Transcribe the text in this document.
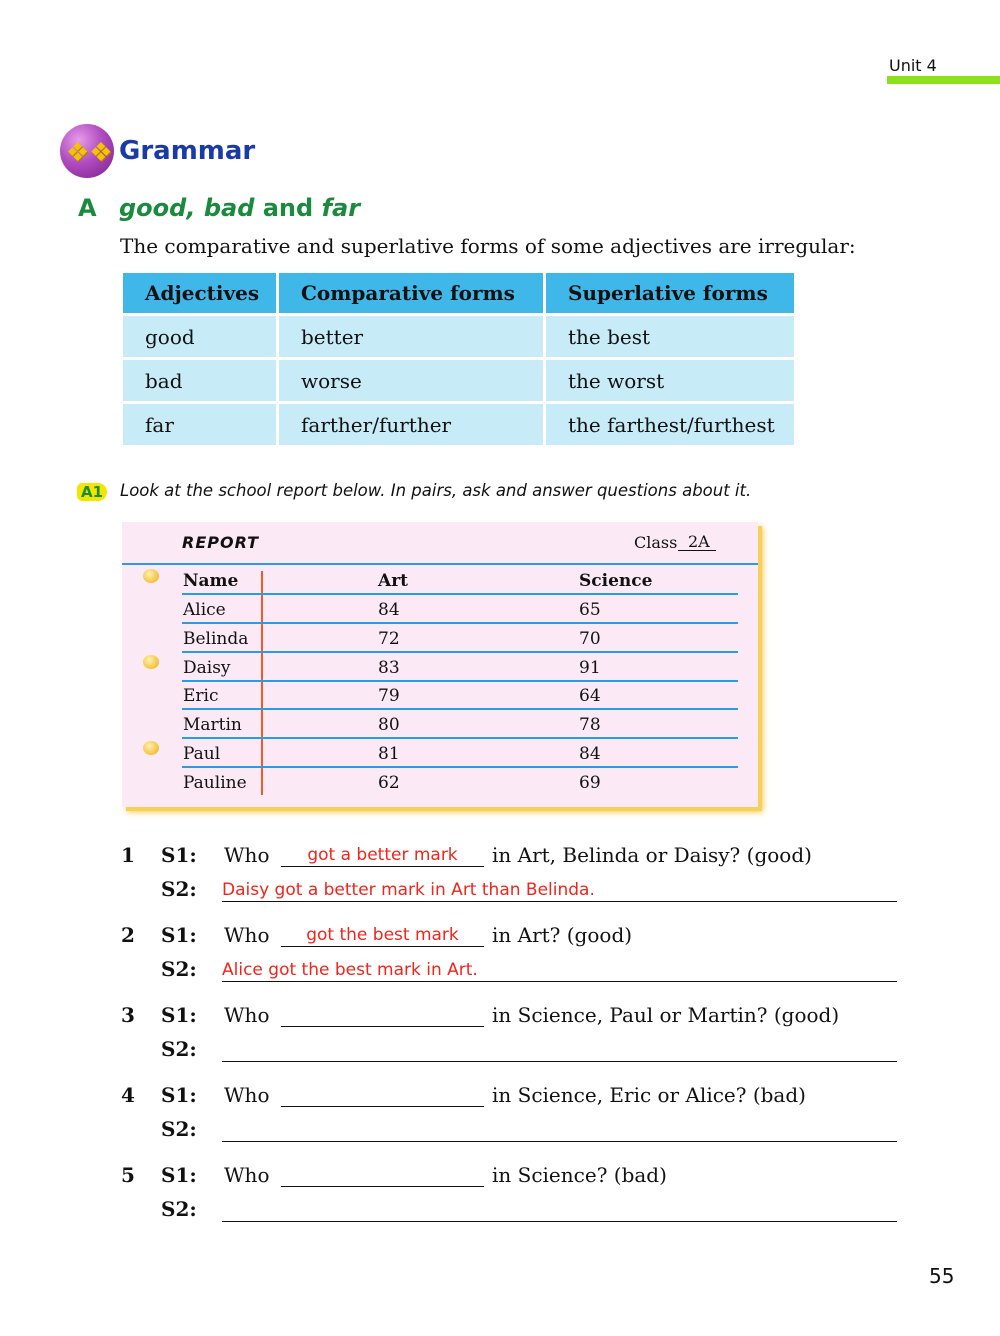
Unit 4
❖❖ Grammar
A good, bad and far
The comparative and superlative forms of some adjectives are irregular:
Adjectives	Comparative forms	Superlative forms
good	better	the best
bad	worse	the worst
far	farther/further	the farthest/furthest
A1 Look at the school report below. In pairs, ask and answer questions about it.
REPORT	Class 2A
Name	Art	Science
Alice	84	65
Belinda	72	70
Daisy	83	91
Eric	79	64
Martin	80	78
Paul	81	84
Pauline	62	69
1 S1: Who	got a better mark	in Art, Belinda or Daisy? (good)
S2: Daisy got a better mark in Art than Belinda.
2 S1: Who	got the best mark	in Art? (good)
S2: Alice got the best mark in Art.
3 S1: Who	in Science, Paul or Martin? (good)
S2:
4 S1: Who	in Science, Eric or Alice? (bad)
S2:
5 S1: Who	in Science? (bad)
S2:
55
